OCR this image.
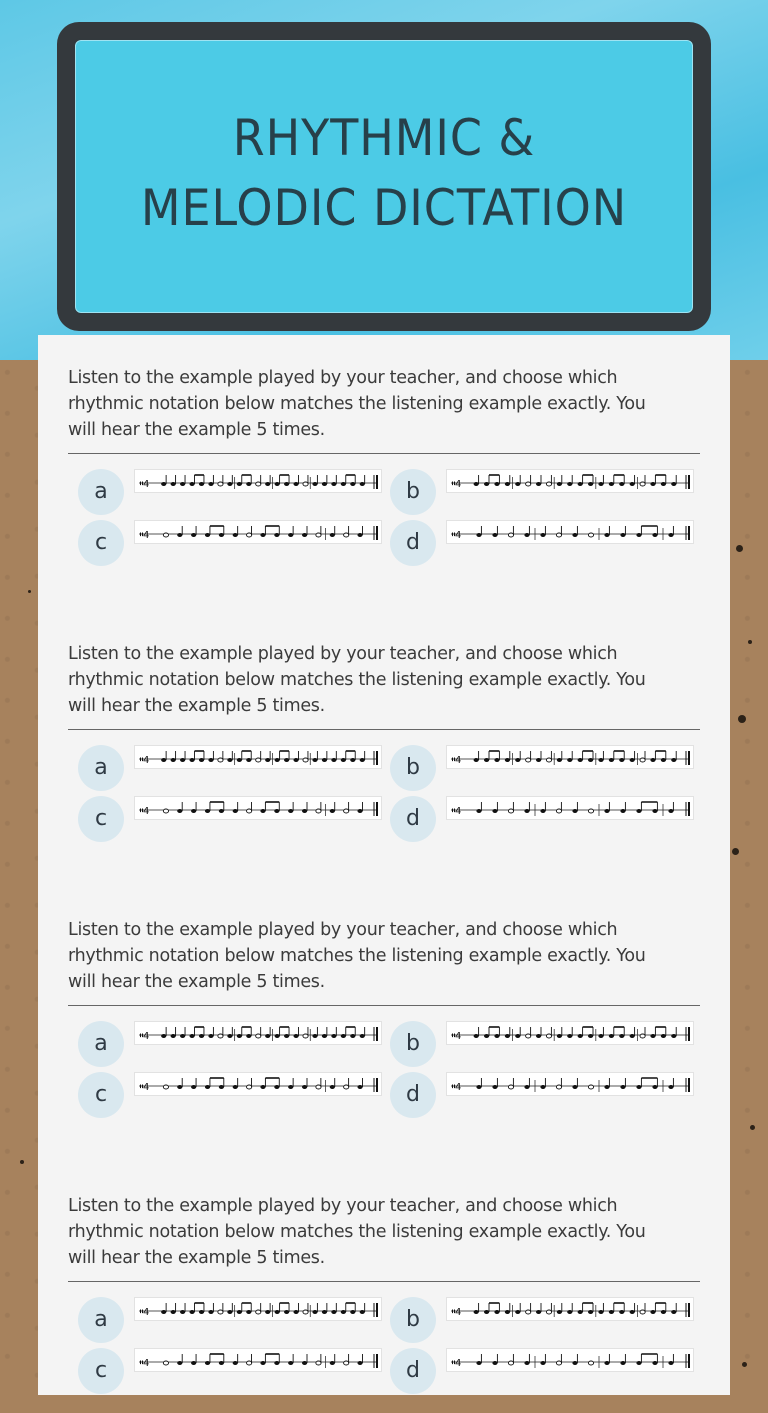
RHYTHMIC & MELODIC DICTATION
Listen to the example played by your teacher, and choose which rhythmic notation below matches the listening example exactly. You will hear the example 5 times.
a	𝄥4	b	𝄥4
c	𝄥4	d	𝄥4
Listen to the example played by your teacher, and choose which rhythmic notation below matches the listening example exactly. You will hear the example 5 times.
a	𝄥4	b	𝄥4
c	𝄥4	d	𝄥4
Listen to the example played by your teacher, and choose which rhythmic notation below matches the listening example exactly. You will hear the example 5 times.
a	𝄥4	b	𝄥4
c	𝄥4	d	𝄥4
Listen to the example played by your teacher, and choose which rhythmic notation below matches the listening example exactly. You will hear the example 5 times.
a	𝄥4	b	𝄥4
c	𝄥4	d	𝄥4
